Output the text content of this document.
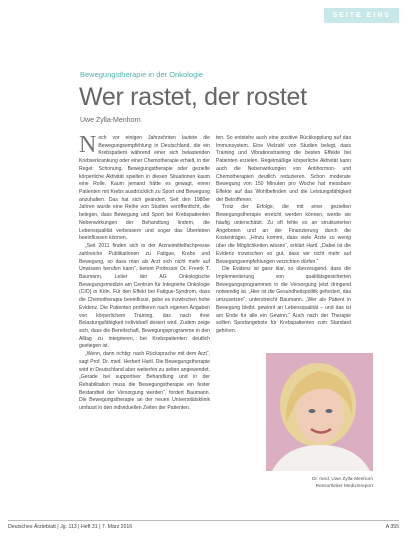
SEITE EINS
Bewegungstherapie in der Onkologie
Wer rastet, der rostet
Uwe Zylla-Menhorn

Noch vor einigen Jahrzehnten lautete die Bewegungsempfehlung in Deutschland, die ein Krebspatient während einer sich belastenden Krebserkrankung oder einer Chemotherapie erhielt, in der Regel: Schonung. Bewegungstherapie oder gezielte körperliche Aktivität spielten in diesen Situationen kaum eine Rolle. Kaum jemand hätte es gewagt, einen Patienten mit Krebs ausdrücklich zu Sport und Bewegung anzuhalten. Das hat sich geändert. Seit den 1980er Jahren wurde eine Reihe von Studien veröffentlicht, die belegen, dass Bewegung und Sport bei Krebspatienten Nebenwirkungen der Behandlung lindern, die Lebensqualität verbessern und sogar das Überleben beeinflussen können.

„Seit 2011 finden sich in der Arzneimittelfachpresse zahlreiche Publikationen zu Fatigue, Krebs und Bewegung, so dass man als Arzt sich nicht mehr auf Unwissen berufen kann“, betont Professor Dr. Freerk T. Baumann, Leiter der AG Onkologische Bewegungsmedizin am Centrum für Integrierte Onkologie (CIO) in Köln. Für den Effekt bei Fatigue-Syndrom, dass die Chemotherapie beeinflusst, gebe es inzwischen hohe Evidenz. Die Patienten profitieren nach eigenen Angaben von körperlichem Training, das nach ihrer Belastungsfähigkeit individuell dosiert wird. Zudem zeige sich, dass die Bereitschaft, Bewegungsprogramme in den Alltag zu integrieren, bei Krebspatienten deutlich gestiegen ist.

„Wenn, dann richtig: nach Rücksprache mit dem Arzt“, sagt Prof. Dr. med. Herbert Hartl. Die Bewegungstherapie wird in Deutschland aber weiterhin zu selten angewendet. „Gerade bei supportiver Behandlung und in der Rehabilitation muss die Bewegungstherapie ein fester Bestandteil der Versorgung werden“, fordert Baumann. Die Bewegungstherapie an der neuen Universitätsklinik umfasst in den individuellen Zeiten der Patienten.

ten. So entstehe auch eine positive Rückkopplung auf das Immunsystem. Eine Vielzahl von Studien belegt, dass Training und Vibrationstraining die besten Effekte bei Patienten erzielen. Regelmäßige körperliche Aktivität kann auch die Nebenwirkungen von Antihormon- und Chemotherapien deutlich reduzieren. Schon moderate Bewegung von 150 Minuten pro Woche hat messbare Effekte auf das Wohlbefinden und die Leistungsfähigkeit der Betroffenen.

Trotz der Erfolge, die mit einer gezielten Bewegungstherapie erreicht werden können, werde sie häufig unterschätzt. Zu oft fehle es an strukturierten Angeboten und an der Finanzierung durch die Kostenträger. „Hinzu kommt, dass viele Ärzte zu wenig über die Möglichkeiten wissen“, erklärt Hartl. „Dabei ist die Evidenz inzwischen so gut, dass wir nicht mehr auf Bewegungsempfehlungen verzichten dürfen.“

Die Evidenz ist ganz klar, so überzeugend, dass die Implementierung von qualitätsgesicherten Bewegungsprogrammen in die Versorgung jetzt dringend notwendig ist. „Hier ist die Gesundheitspolitik gefordert, das umzusetzen“, unterstreicht Baumann. „Wer als Patient in Bewegung bleibt, gewinnt an Lebensqualität – und das ist am Ende für alle ein Gewinn.“ Auch nach der Therapie sollten Sportangebote für Krebspatienten zum Standard gehören.

Dr. med. Uwe Zylla-Menhorn
Ressortleiter Medizinreport
Deutsches Ärzteblatt | Jg. 113 | Heft 31 | 7. März 2016	A 355
